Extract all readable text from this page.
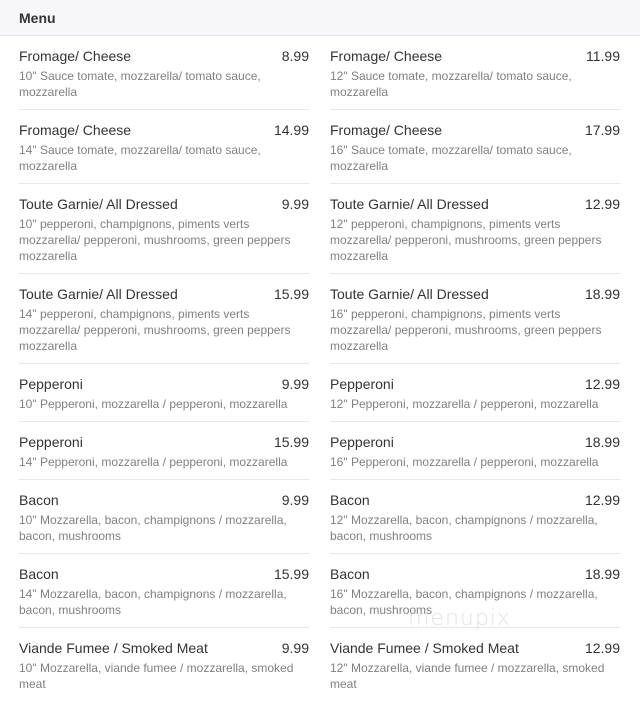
Menu
Fromage/ Cheese	8.99
10" Sauce tomate, mozzarella/ tomato sauce, mozzarella
Fromage/ Cheese	11.99
12" Sauce tomate, mozzarella/ tomato sauce, mozzarella
Fromage/ Cheese	14.99
14" Sauce tomate, mozzarella/ tomato sauce, mozzarella
Fromage/ Cheese	17.99
16" Sauce tomate, mozzarella/ tomato sauce, mozzarella
Toute Garnie/ All Dressed	9.99
10" pepperoni, champignons, piments verts mozzarella/ pepperoni, mushrooms, green peppers mozzarella
Toute Garnie/ All Dressed	12.99
12" pepperoni, champignons, piments verts mozzarella/ pepperoni, mushrooms, green peppers mozzarella
Toute Garnie/ All Dressed	15.99
14" pepperoni, champignons, piments verts mozzarella/ pepperoni, mushrooms, green peppers mozzarella
Toute Garnie/ All Dressed	18.99
16" pepperoni, champignons, piments verts mozzarella/ pepperoni, mushrooms, green peppers mozzarella
Pepperoni	9.99
10" Pepperoni, mozzarella / pepperoni, mozzarella
Pepperoni	12.99
12" Pepperoni, mozzarella / pepperoni, mozzarella
Pepperoni	15.99
14" Pepperoni, mozzarella / pepperoni, mozzarella
Pepperoni	18.99
16" Pepperoni, mozzarella / pepperoni, mozzarella
Bacon	9.99
10" Mozzarella, bacon, champignons / mozzarella, bacon, mushrooms
Bacon	12.99
12" Mozzarella, bacon, champignons / mozzarella, bacon, mushrooms
Bacon	15.99
14" Mozzarella, bacon, champignons / mozzarella, bacon, mushrooms
Bacon	18.99
16" Mozzarella, bacon, champignons / mozzarella, bacon, mushrooms
Viande Fumee / Smoked Meat	9.99
10" Mozzarella, viande fumee / mozzarella, smoked meat
Viande Fumee / Smoked Meat	12.99
12" Mozzarella, viande fumee / mozzarella, smoked meat
menupix
